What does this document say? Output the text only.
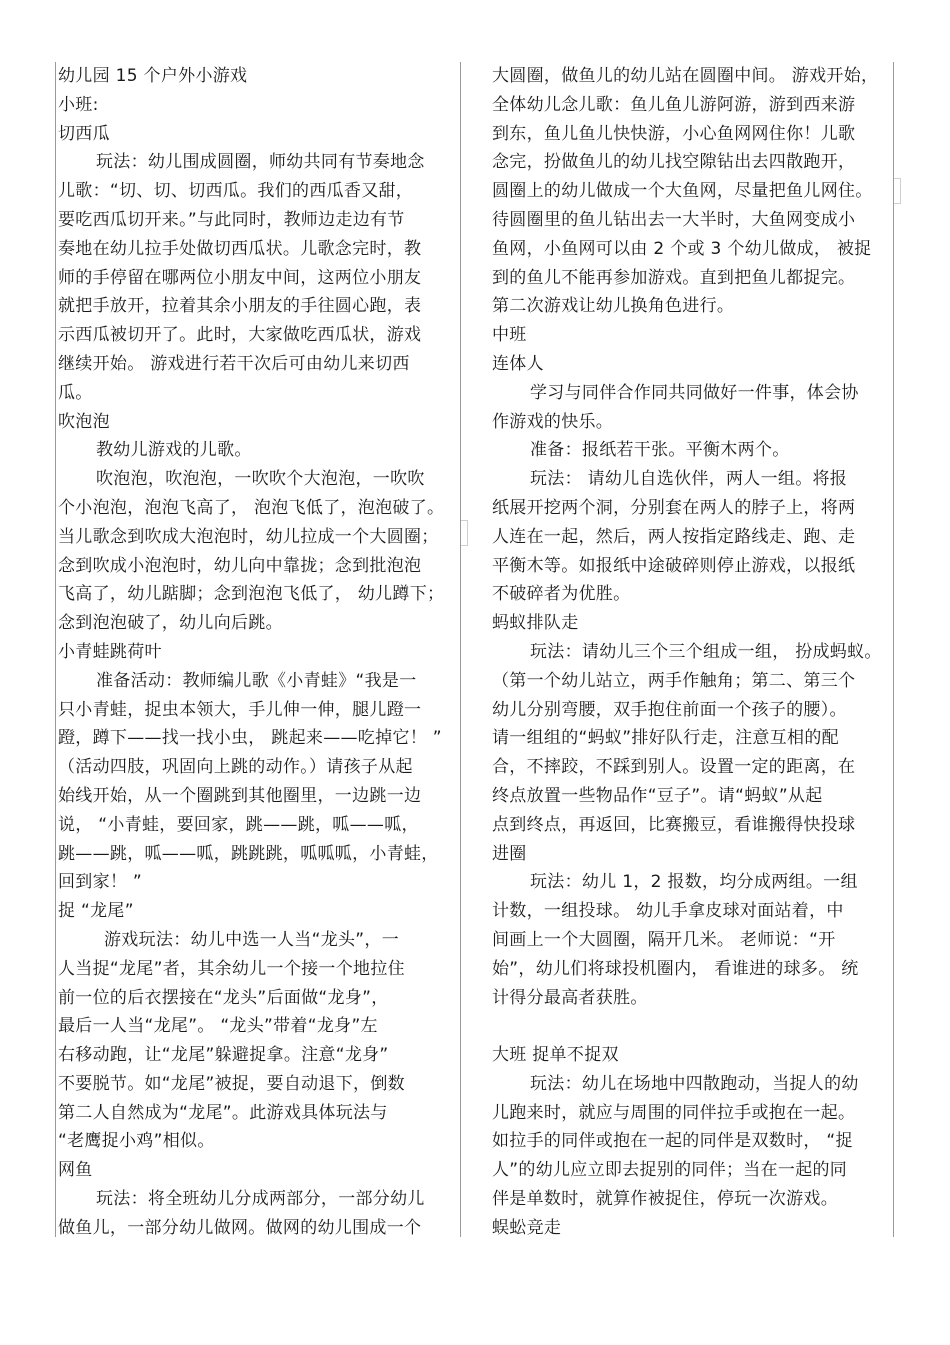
幼儿园 15 个户外小游戏

小班:

切西瓜

玩法：幼儿围成圆圈，师幼共同有节奏地念

儿歌：“切、切、切西瓜。我们的西瓜香又甜，

要吃西瓜切开来。”与此同时，教师边走边有节

奏地在幼儿拉手处做切西瓜状。儿歌念完时，教

师的手停留在哪两位小朋友中间，这两位小朋友

就把手放开，拉着其余小朋友的手往圆心跑，表

示西瓜被切开了。此时，大家做吃西瓜状，游戏

继续开始。 游戏进行若干次后可由幼儿来切西

瓜。

吹泡泡

教幼儿游戏的儿歌。

吹泡泡，吹泡泡，一吹吹个大泡泡，一吹吹

个小泡泡，泡泡飞高了， 泡泡飞低了，泡泡破了。

当儿歌念到吹成大泡泡时，幼儿拉成一个大圆圈；

念到吹成小泡泡时，幼儿向中靠拢；念到批泡泡

飞高了，幼儿踮脚；念到泡泡飞低了， 幼儿蹲下；

念到泡泡破了，幼儿向后跳。

小青蛙跳荷叶

准备活动：教师编儿歌《小青蛙》“我是一

只小青蛙，捉虫本领大，手儿伸一伸，腿儿蹬一

蹬，蹲下——找一找小虫， 跳起来——吃掉它！ ”

（活动四肢，巩固向上跳的动作。）请孩子从起

始线开始，从一个圈跳到其他圈里，一边跳一边

说， “小青蛙，要回家，跳——跳，呱——呱，

跳——跳，呱——呱，跳跳跳，呱呱呱，小青蛙，

回到家！ ”

捉 “龙尾”

游戏玩法：幼儿中选一人当“龙头”，一

人当捉“龙尾”者，其余幼儿一个接一个地拉住

前一位的后衣摆接在“龙头”后面做“龙身”，

最后一人当“龙尾”。 “龙头”带着“龙身”左

右移动跑，让“龙尾”躲避捉拿。注意“龙身”

不要脱节。如“龙尾”被捉，要自动退下，倒数

第二人自然成为“龙尾”。此游戏具体玩法与

“老鹰捉小鸡”相似。

网鱼

玩法：将全班幼儿分成两部分，一部分幼儿

做鱼儿，一部分幼儿做网。做网的幼儿围成一个

大圆圈，做鱼儿的幼儿站在圆圈中间。 游戏开始，

全体幼儿念儿歌：鱼儿鱼儿游阿游，游到西来游

到东，鱼儿鱼儿快快游，小心鱼网网住你！儿歌

念完，扮做鱼儿的幼儿找空隙钻出去四散跑开，

圆圈上的幼儿做成一个大鱼网，尽量把鱼儿网住。

待圆圈里的鱼儿钻出去一大半时，大鱼网变成小

鱼网，小鱼网可以由 2 个或 3 个幼儿做成， 被捉

到的鱼儿不能再参加游戏。直到把鱼儿都捉完。

第二次游戏让幼儿换角色进行。

中班

连体人

学习与同伴合作同共同做好一件事，体会协

作游戏的快乐。

准备：报纸若干张。平衡木两个。

玩法： 请幼儿自选伙伴，两人一组。将报

纸展开挖两个洞，分别套在两人的脖子上，将两

人连在一起，然后，两人按指定路线走、跑、走

平衡木等。如报纸中途破碎则停止游戏，以报纸

不破碎者为优胜。

蚂蚁排队走

玩法：请幼儿三个三个组成一组， 扮成蚂蚁。

（第一个幼儿站立，两手作触角；第二、第三个

幼儿分别弯腰，双手抱住前面一个孩子的腰）。

请一组组的“蚂蚁”排好队行走，注意互相的配

合，不摔跤，不踩到别人。设置一定的距离，在

终点放置一些物品作“豆子”。请“蚂蚁”从起

点到终点，再返回，比赛搬豆，看谁搬得快投球

进圈

玩法：幼儿 1，2 报数，均分成两组。一组

计数，一组投球。 幼儿手拿皮球对面站着，中

间画上一个大圆圈，隔开几米。 老师说：“开

始”，幼儿们将球投机圈内， 看谁进的球多。 统

计得分最高者获胜。

大班 捉单不捉双

玩法：幼儿在场地中四散跑动，当捉人的幼

儿跑来时，就应与周围的同伴拉手或抱在一起。

如拉手的同伴或抱在一起的同伴是双数时， “捉

人”的幼儿应立即去捉别的同伴；当在一起的同

伴是单数时，就算作被捉住，停玩一次游戏。

蜈蚣竞走
